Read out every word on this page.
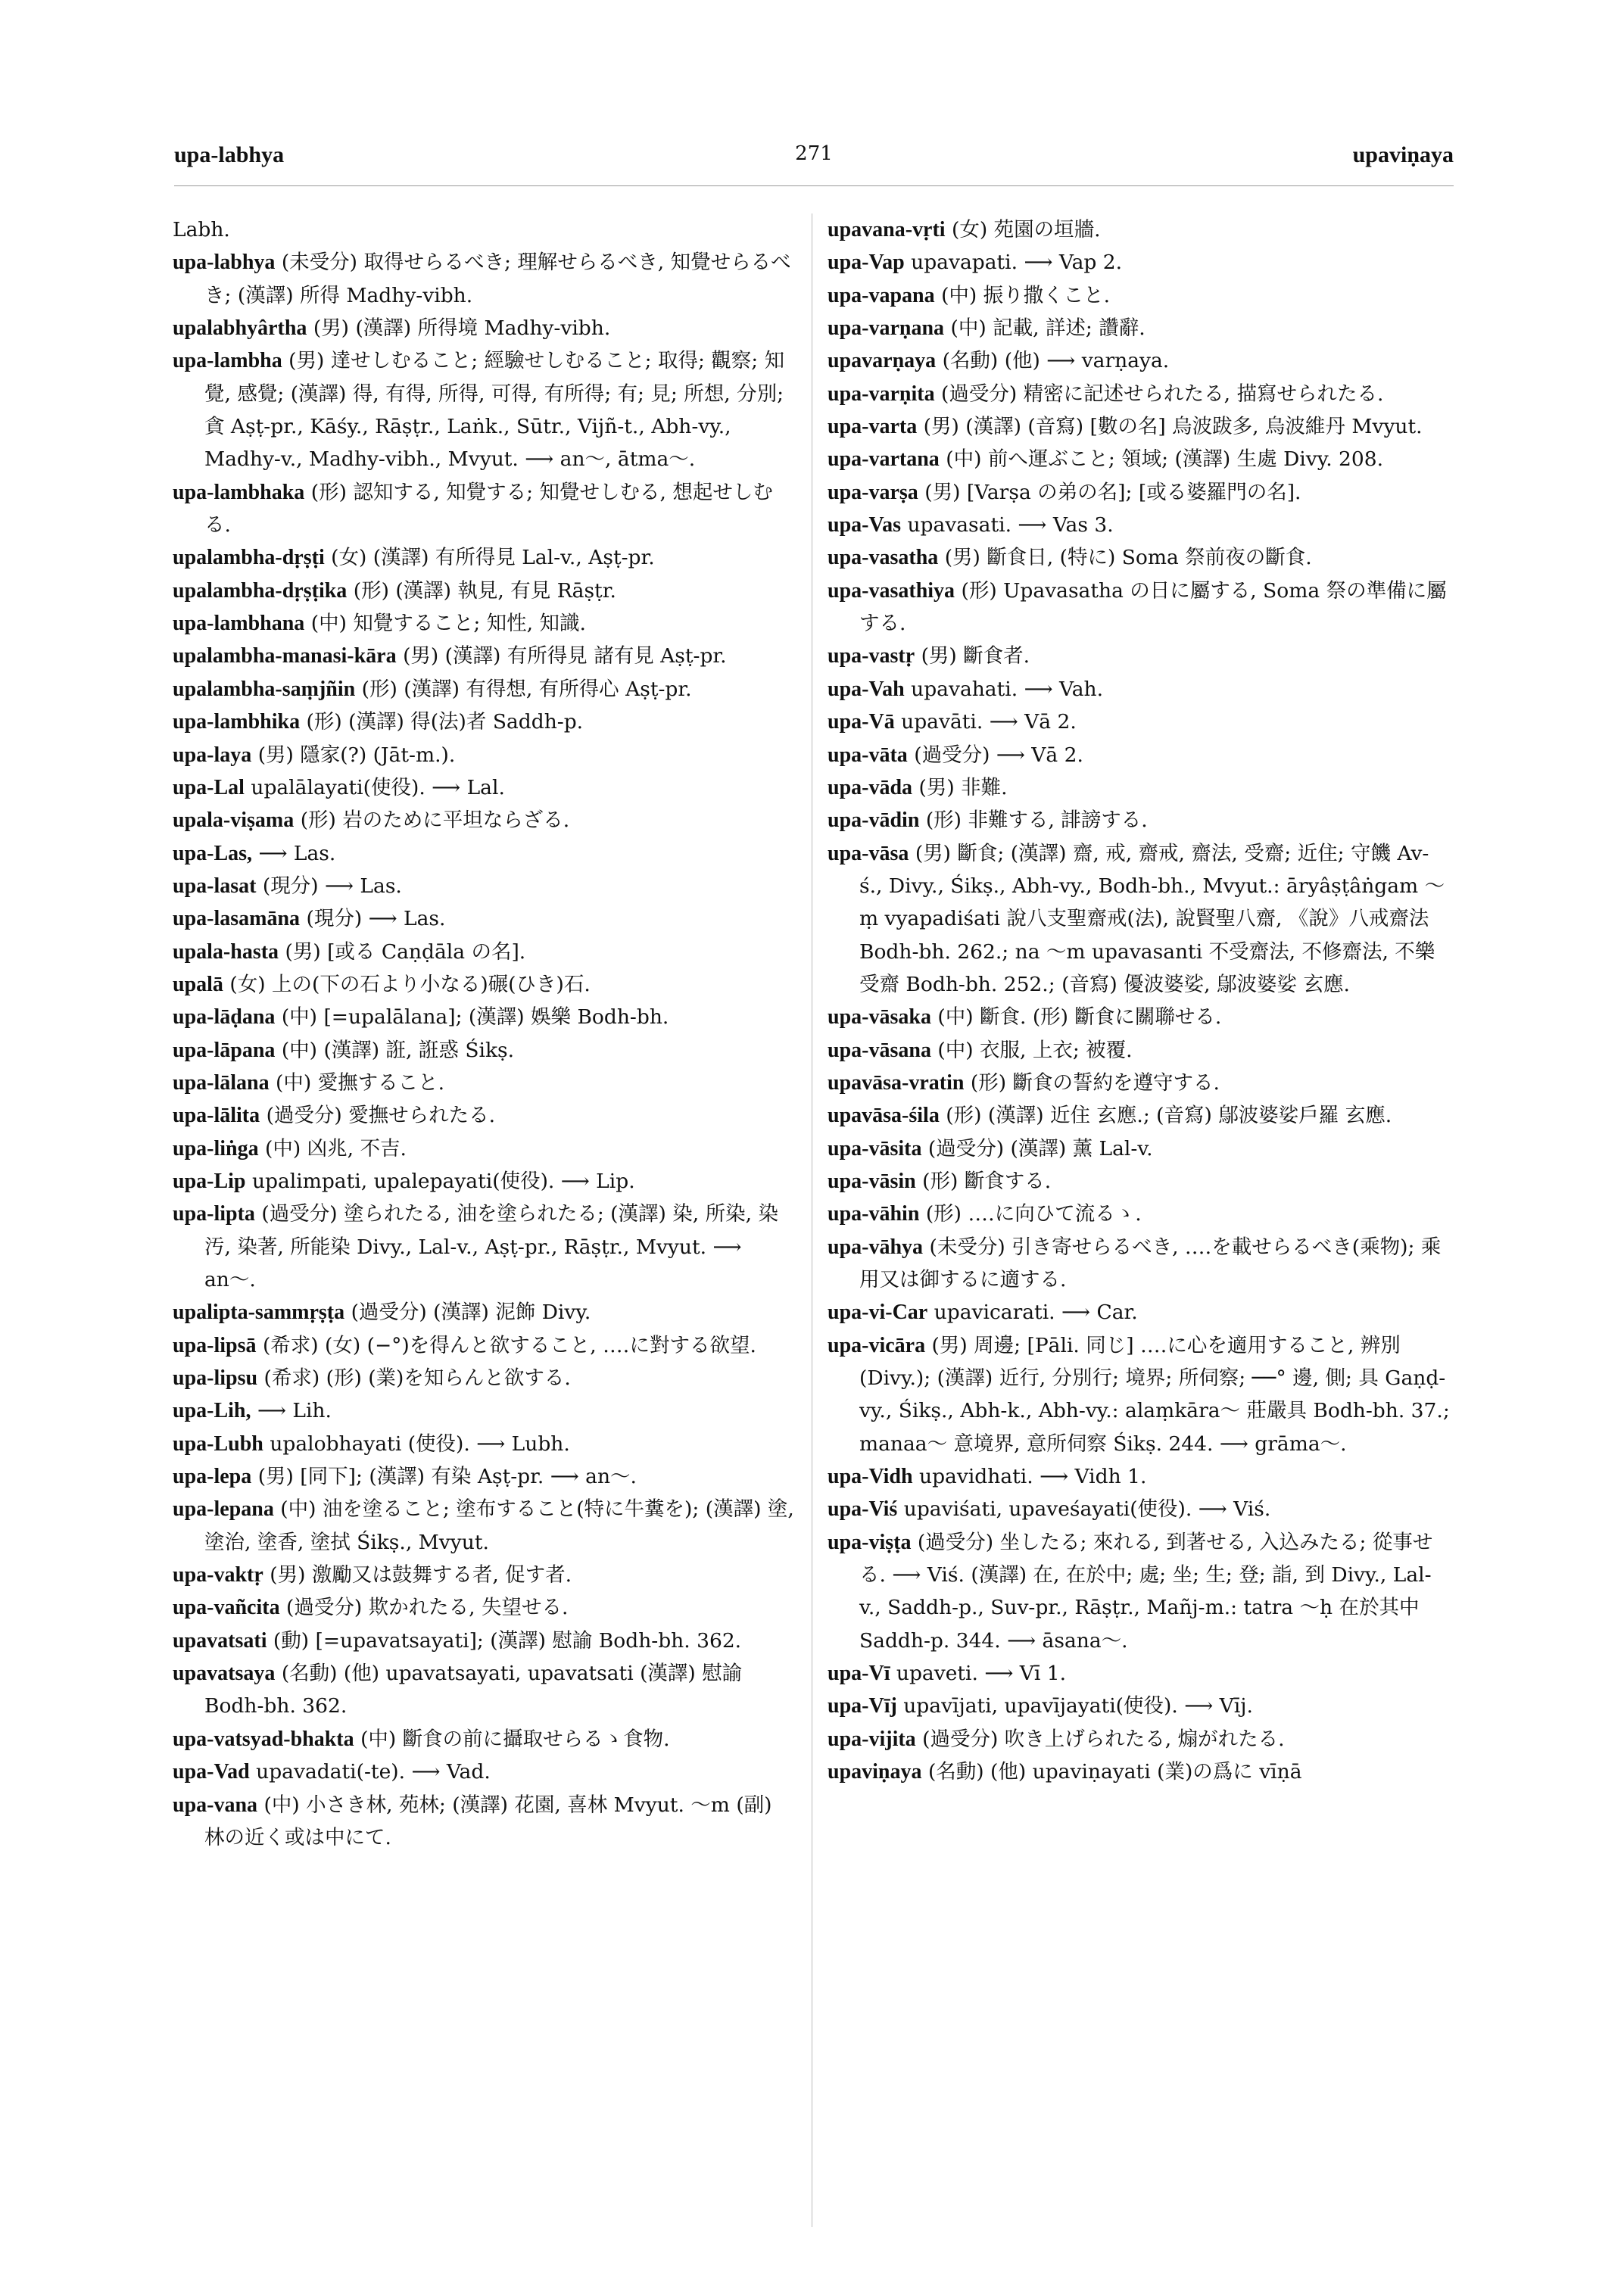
upa-labhya	271	upaviṇaya

Labh.

upa-labhya (未受分) 取得せらるべき; 理解せらるべき, 知覺せらるべき; (漢譯) 所得 Madhy-vibh.

upalabhyârtha (男) (漢譯) 所得境 Madhy-vibh.

upa-lambha (男) 達せしむること; 經驗せしむること; 取得; 觀察; 知覺, 感覺; (漢譯) 得, 有得, 所得, 可得, 有所得; 有; 見; 所想, 分別; 貪 Aṣṭ-pr., Kāśy., Rāṣṭr., Laṅk., Sūtr., Vijñ-t., Abh-vy., Madhy-v., Madhy-vibh., Mvyut. ⟶ an〜, ātma〜.

upa-lambhaka (形) 認知する, 知覺する; 知覺せしむる, 想起せしむる.

upalambha-dṛṣṭi (女) (漢譯) 有所得見 Lal-v., Aṣṭ-pr.

upalambha-dṛṣṭika (形) (漢譯) 執見, 有見 Rāṣṭr.

upa-lambhana (中) 知覺すること; 知性, 知識.

upalambha-manasi-kāra (男) (漢譯) 有所得見 諸有見 Aṣṭ-pr.

upalambha-saṃjñin (形) (漢譯) 有得想, 有所得心 Aṣṭ-pr.

upa-lambhika (形) (漢譯) 得(法)者 Saddh-p.

upa-laya (男) 隱家(?) (Jāt-m.).

upa-Lal upalālayati(使役). ⟶ Lal.

upala-viṣama (形) 岩のために平坦ならざる.

upa-Las, ⟶ Las.

upa-lasat (現分) ⟶ Las.

upa-lasamāna (現分) ⟶ Las.

upala-hasta (男) [或る Caṇḍāla の名].

upalā (女) 上の(下の石より小なる)碾(ひき)石.

upa-lāḍana (中) [=upalālana]; (漢譯) 娛樂 Bodh-bh.

upa-lāpana (中) (漢譯) 誑, 誑惑 Śikṣ.

upa-lālana (中) 愛撫すること.

upa-lālita (過受分) 愛撫せられたる.

upa-liṅga (中) 凶兆, 不吉.

upa-Lip upalimpati, upalepayati(使役). ⟶ Lip.

upa-lipta (過受分) 塗られたる, 油を塗られたる; (漢譯) 染, 所染, 染汚, 染著, 所能染 Divy., Lal-v., Aṣṭ-pr., Rāṣṭr., Mvyut. ⟶ an〜.

upalipta-sammṛṣṭa (過受分) (漢譯) 泥飾 Divy.

upa-lipsā (希求) (女) (−°)を得んと欲すること, ‥‥に對する欲望.

upa-lipsu (希求) (形) (業)を知らんと欲する.

upa-Lih, ⟶ Lih.

upa-Lubh upalobhayati (使役). ⟶ Lubh.

upa-lepa (男) [同下]; (漢譯) 有染 Aṣṭ-pr. ⟶ an〜.

upa-lepana (中) 油を塗ること; 塗布すること(特に牛糞を); (漢譯) 塗, 塗治, 塗香, 塗拭 Śikṣ., Mvyut.

upa-vaktṛ (男) 激勵又は鼓舞する者, 促す者.

upa-vañcita (過受分) 欺かれたる, 失望せる.

upavatsati (動) [=upavatsayati]; (漢譯) 慰諭 Bodh-bh. 362.

upavatsaya (名動) (他) upavatsayati, upavatsati (漢譯) 慰諭 Bodh-bh. 362.

upa-vatsyad-bhakta (中) 斷食の前に攝取せらるゝ食物.

upa-Vad upavadati(-te). ⟶ Vad.

upa-vana (中) 小さき林, 苑林; (漢譯) 花園, 喜林 Mvyut. 〜m (副) 林の近く或は中にて.

upavana-vṛti (女) 苑園の垣牆.

upa-Vap upavapati. ⟶ Vap 2.

upa-vapana (中) 振り撒くこと.

upa-varṇana (中) 記載, 詳述; 讚辭.

upavarṇaya (名動) (他) ⟶ varṇaya.

upa-varṇita (過受分) 精密に記述せられたる, 描寫せられたる.

upa-varta (男) (漢譯) (音寫) [數の名] 烏波跋多, 烏波維丹 Mvyut.

upa-vartana (中) 前へ運ぶこと; 領域; (漢譯) 生處 Divy. 208.

upa-varṣa (男) [Varṣa の弟の名]; [或る婆羅門の名].

upa-Vas upavasati. ⟶ Vas 3.

upa-vasatha (男) 斷食日, (特に) Soma 祭前夜の斷食.

upa-vasathiya (形) Upavasatha の日に屬する, Soma 祭の準備に屬する.

upa-vastṛ (男) 斷食者.

upa-Vah upavahati. ⟶ Vah.

upa-Vā upavāti. ⟶ Vā 2.

upa-vāta (過受分) ⟶ Vā 2.

upa-vāda (男) 非難.

upa-vādin (形) 非難する, 誹謗する.

upa-vāsa (男) 斷食; (漢譯) 齋, 戒, 齋戒, 齋法, 受齋; 近住; 守饑 Av-ś., Divy., Śikṣ., Abh-vy., Bodh-bh., Mvyut.: āryâṣṭâṅgam 〜ṃ vyapadiśati 說八支聖齋戒(法), 說賢聖八齋, 《說》八戒齋法 Bodh-bh. 262.; na 〜m upavasanti 不受齋法, 不修齋法, 不樂受齋 Bodh-bh. 252.; (音寫) 優波婆娑, 鄔波婆娑 玄應.

upa-vāsaka (中) 斷食. (形) 斷食に關聯せる.

upa-vāsana (中) 衣服, 上衣; 被覆.

upavāsa-vratin (形) 斷食の誓約を遵守する.

upavāsa-śila (形) (漢譯) 近住 玄應.; (音寫) 鄔波婆娑戶羅 玄應.

upa-vāsita (過受分) (漢譯) 薰 Lal-v.

upa-vāsin (形) 斷食する.

upa-vāhin (形) ‥‥に向ひて流るゝ.

upa-vāhya (未受分) 引き寄せらるべき, ‥‥を載せらるべき(乘物); 乘用又は御するに適する.

upa-vi-Car upavicarati. ⟶ Car.

upa-vicāra (男) 周邊; [Pāli. 同じ] ‥‥に心を適用すること, 辨別 (Divy.); (漢譯) 近行, 分別行; 境界; 所伺察; ──° 邊, 側; 具 Gaṇḍ-vy., Śikṣ., Abh-k., Abh-vy.: alaṃkāra〜 莊嚴具 Bodh-bh. 37.; manaa〜 意境界, 意所伺察 Śikṣ. 244. ⟶ grāma〜.

upa-Vidh upavidhati. ⟶ Vidh 1.

upa-Viś upaviśati, upaveśayati(使役). ⟶ Viś.

upa-viṣṭa (過受分) 坐したる; 來れる, 到著せる, 入込みたる; 從事せる. ⟶ Viś. (漢譯) 在, 在於中; 處; 坐; 生; 登; 詣, 到 Divy., Lal-v., Saddh-p., Suv-pr., Rāṣṭr., Mañj-m.: tatra 〜ḥ 在於其中 Saddh-p. 344. ⟶ āsana〜.

upa-Vī upaveti. ⟶ Vī 1.

upa-Vīj upavījati, upavījayati(使役). ⟶ Vīj.

upa-vijita (過受分) 吹き上げられたる, 煽がれたる.

upaviṇaya (名動) (他) upaviṇayati (業)の爲に vīṇā
